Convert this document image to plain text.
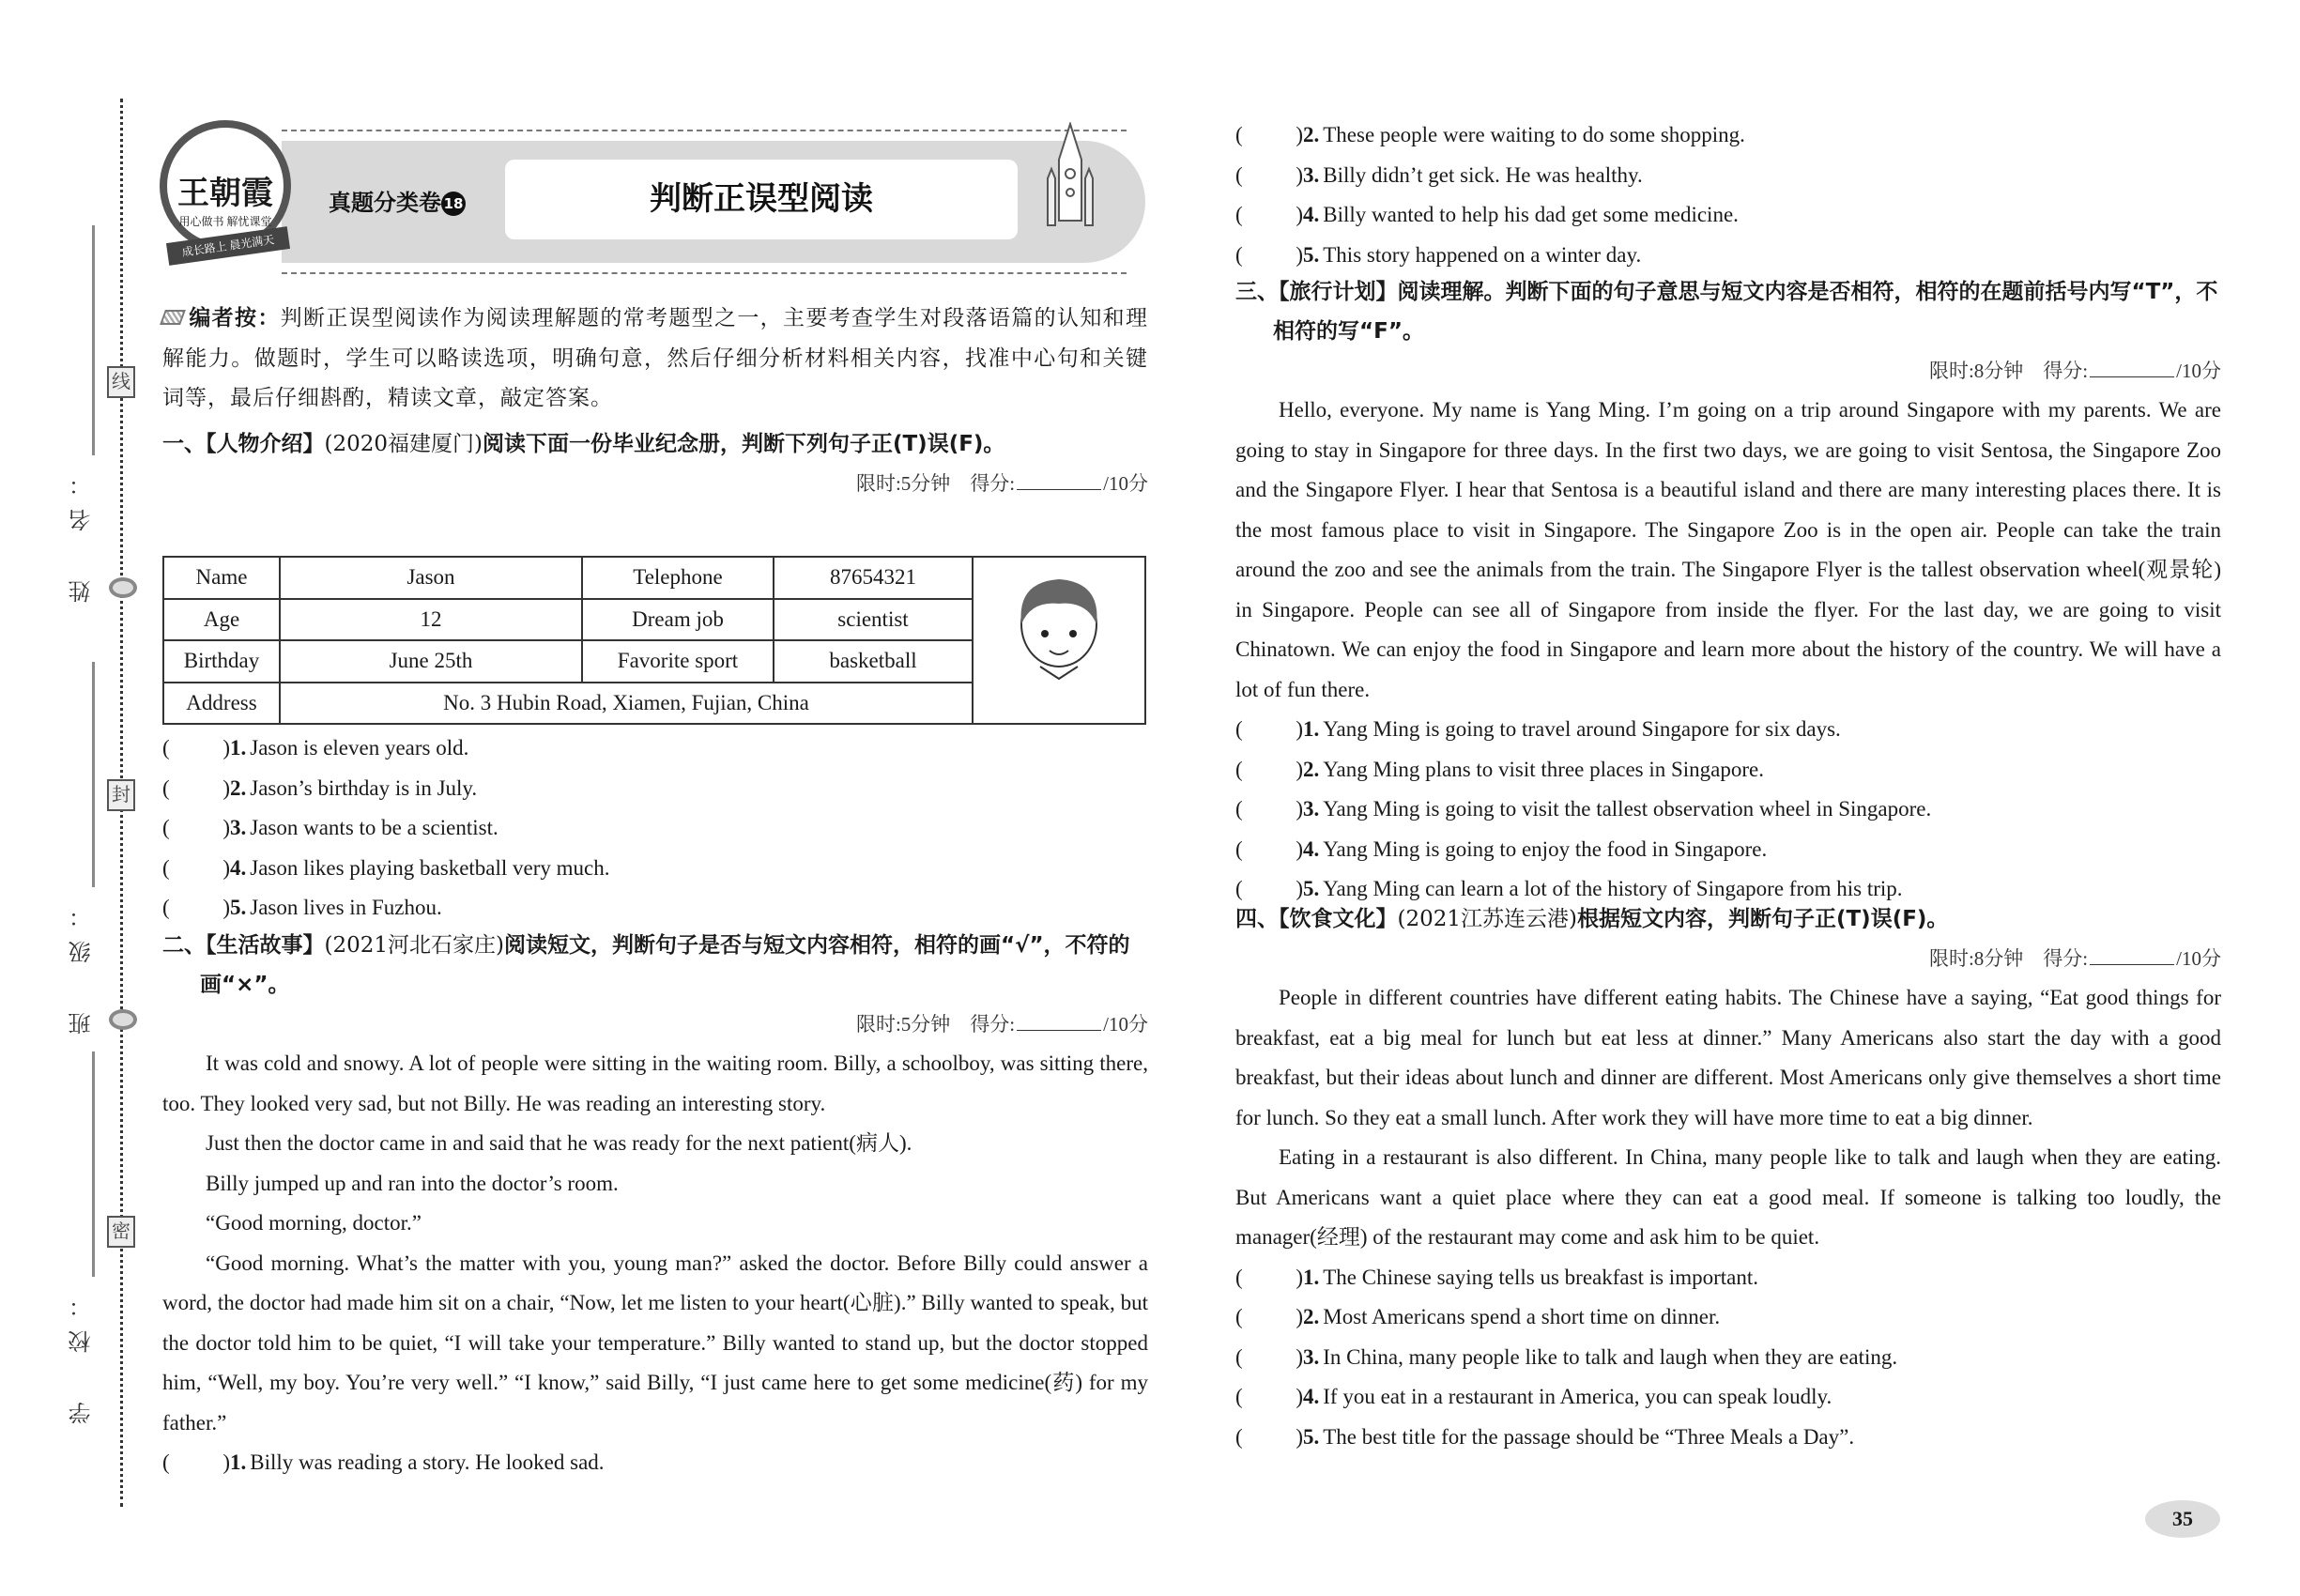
线
封
密
姓　名：
班　级：
学　校：
王朝霞
用心做书 解忧课堂
成长路上 晨光满天
真题分类卷 18	判断正误型阅读
编者按：判断正误型阅读作为阅读理解题的常考题型之一，主要考查学生对段落语篇的认知和理解能力。做题时，学生可以略读选项，明确句意，然后仔细分析材料相关内容，找准中心句和关键词等，最后仔细斟酌，精读文章，敲定答案。
一、【人物介绍】(2020福建厦门)阅读下面一份毕业纪念册，判断下列句子正(T)误(F)。
限时:5分钟　 得分:	/10分
Name	Jason	Telephone	87654321	
Age	12	Dream job	scientist	
Birthday	June 25th	Favorite sport	basketball	
Address	No. 3 Hubin Road, Xiamen, Fujian, China			
( ) 1. Jason is eleven years old.
( ) 2. Jason’s birthday is in July.
( ) 3. Jason wants to be a scientist.
( ) 4. Jason likes playing basketball very much.
( ) 5. Jason lives in Fuzhou.
二、【生活故事】(2021河北石家庄)阅读短文，判断句子是否与短文内容相符，相符的画“√”，不符的画“×”。
限时:5分钟　 得分:	/10分
It was cold and snowy. A lot of people were sitting in the waiting room. Billy, a schoolboy, was sitting there, too. They looked very sad, but not Billy. He was reading an interesting story.
Just then the doctor came in and said that he was ready for the next patient(病人).
Billy jumped up and ran into the doctor’s room.
“Good morning, doctor.”
“Good morning. What’s the matter with you, young man?” asked the doctor. Before Billy could answer a word, the doctor had made him sit on a chair, “Now, let me listen to your heart(心脏).” Billy wanted to speak, but the doctor told him to be quiet, “I will take your temperature.” Billy wanted to stand up, but the doctor stopped him, “Well, my boy. You’re very well.” “I know,” said Billy, “I just came here to get some medicine(药) for my father.”
( ) 1. Billy was reading a story. He looked sad.
( ) 2. These people were waiting to do some shopping.
( ) 3. Billy didn’t get sick. He was healthy.
( ) 4. Billy wanted to help his dad get some medicine.
( ) 5. This story happened on a winter day.
三、【旅行计划】阅读理解。判断下面的句子意思与短文内容是否相符，相符的在题前括号内写“T”，不相符的写“F”。
限时:8分钟　 得分:	/10分
Hello, everyone. My name is Yang Ming. I’m going on a trip around Singapore with my parents. We are going to stay in Singapore for three days. In the first two days, we are going to visit Sentosa, the Singapore Zoo and the Singapore Flyer. I hear that Sentosa is a beautiful island and there are many interesting places there. It is the most famous place to visit in Singapore. The Singapore Zoo is in the open air. People can take the train around the zoo and see the animals from the train. The Singapore Flyer is the tallest observation wheel(观景轮) in Singapore. People can see all of Singapore from inside the flyer. For the last day, we are going to visit Chinatown. We can enjoy the food in Singapore and learn more about the history of the country. We will have a lot of fun there.
( ) 1. Yang Ming is going to travel around Singapore for six days.
( ) 2. Yang Ming plans to visit three places in Singapore.
( ) 3. Yang Ming is going to visit the tallest observation wheel in Singapore.
( ) 4. Yang Ming is going to enjoy the food in Singapore.
( ) 5. Yang Ming can learn a lot of the history of Singapore from his trip.
四、【饮食文化】(2021江苏连云港)根据短文内容，判断句子正(T)误(F)。
限时:8分钟　 得分:	/10分
People in different countries have different eating habits. The Chinese have a saying, “Eat good things for breakfast, eat a big meal for lunch but eat less at dinner.” Many Americans also start the day with a good breakfast, but their ideas about lunch and dinner are different. Most Americans only give themselves a short time for lunch. So they eat a small lunch. After work they will have more time to eat a big dinner.
Eating in a restaurant is also different. In China, many people like to talk and laugh when they are eating. But Americans want a quiet place where they can eat a good meal. If someone is talking too loudly, the manager(经理) of the restaurant may come and ask him to be quiet.
( ) 1. The Chinese saying tells us breakfast is important.
( ) 2. Most Americans spend a short time on dinner.
( ) 3. In China, many people like to talk and laugh when they are eating.
( ) 4. If you eat in a restaurant in America, you can speak loudly.
( ) 5. The best title for the passage should be “Three Meals a Day”.
35
